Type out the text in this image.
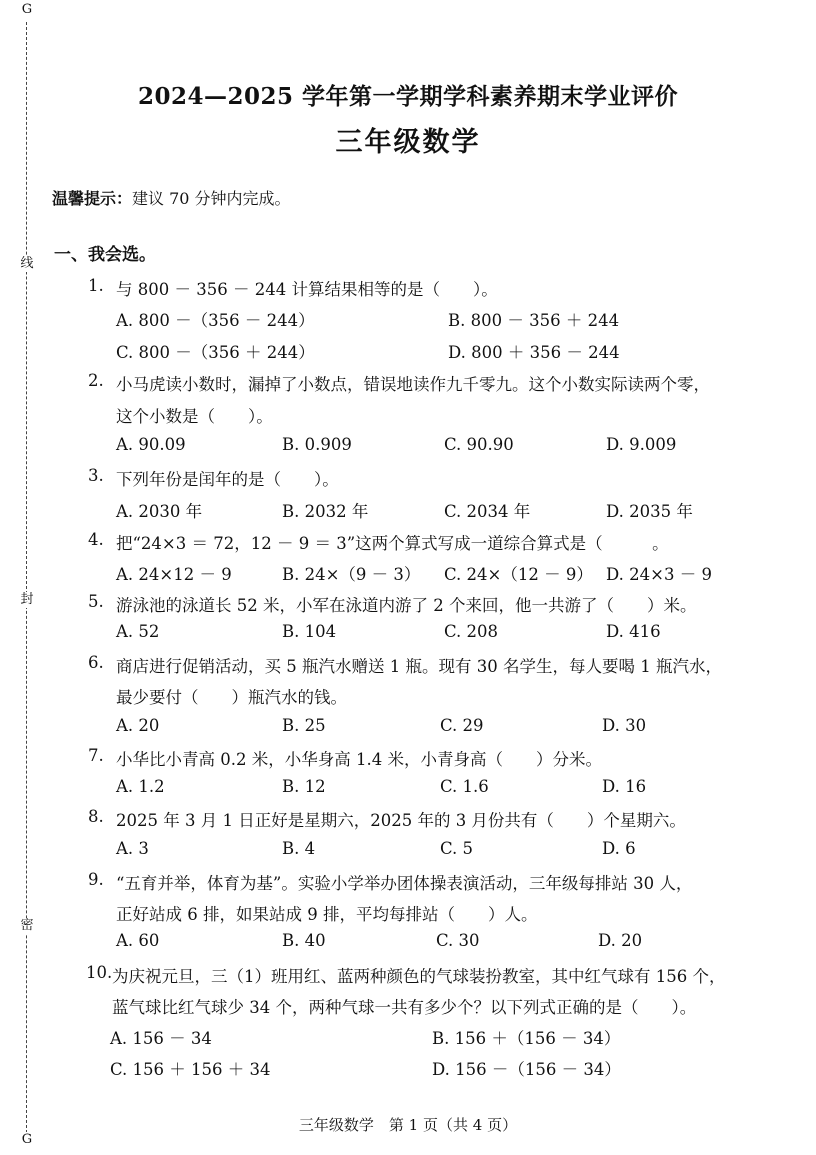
G
线
封
密
G
2024—2025 学年第一学期学科素养期末学业评价
三年级数学
温馨提示：建议 70 分钟内完成。
一、我会选。
1. 与 800 － 356 － 244 计算结果相等的是（　　）。
A. 800 －（356 － 244）	B. 800 － 356 ＋ 244
C. 800 －（356 ＋ 244）	D. 800 ＋ 356 － 244
2. 小马虎读小数时，漏掉了小数点，错误地读作九千零九。这个小数实际读两个零，
这个小数是（　　）。
A. 90.09	B. 0.909	C. 90.90	D. 9.009
3. 下列年份是闰年的是（　　）。
A. 2030 年	B. 2032 年	C. 2034 年	D. 2035 年
4. 把“24×3 ＝ 72，12 － 9 ＝ 3”这两个算式写成一道综合算式是（　　　。
A. 24×12 － 9	B. 24×（9 － 3） C. 24×（12 － 9） D. 24×3 － 9
5. 游泳池的泳道长 52 米，小军在泳道内游了 2 个来回，他一共游了（　　）米。
A. 52	B. 104	C. 208	D. 416
6. 商店进行促销活动，买 5 瓶汽水赠送 1 瓶。现有 30 名学生，每人要喝 1 瓶汽水，
最少要付（　　）瓶汽水的钱。
A. 20	B. 25	C. 29	D. 30
7. 小华比小青高 0.2 米，小华身高 1.4 米，小青身高（　　）分米。
A. 1.2	B. 12	C. 1.6	D. 16
8. 2025 年 3 月 1 日正好是星期六，2025 年的 3 月份共有（　　）个星期六。
A. 3	B. 4	C. 5	D. 6
9. “五育并举，体育为基”。实验小学举办团体操表演活动，三年级每排站 30 人，
正好站成 6 排，如果站成 9 排，平均每排站（　　）人。
A. 60	B. 40	C. 30	D. 20
10. 为庆祝元旦，三（1）班用红、蓝两种颜色的气球装扮教室，其中红气球有 156 个，
蓝气球比红气球少 34 个，两种气球一共有多少个？以下列式正确的是（　　）。
A. 156 － 34	B. 156 ＋（156 － 34）
C. 156 ＋ 156 ＋ 34	D. 156 －（156 － 34）
三年级数学　第 1 页（共 4 页）
